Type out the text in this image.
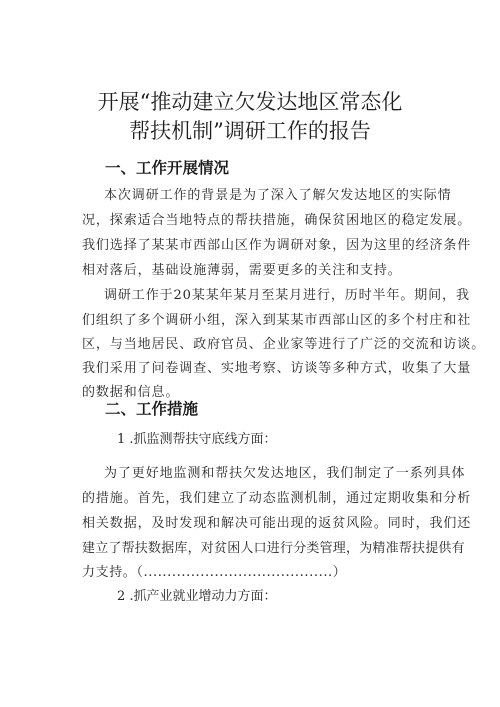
开展“推动建立欠发达地区常态化
帮扶机制”调研工作的报告
一、工作开展情况
本次调研工作的背景是为了深入了解欠发达地区的实际情
况，探索适合当地特点的帮扶措施，确保贫困地区的稳定发展。
我们选择了某某市西部山区作为调研对象，因为这里的经济条件
相对落后，基础设施薄弱，需要更多的关注和支持。
调研工作于20某某年某月至某月进行，历时半年。期间，我
们组织了多个调研小组，深入到某某市西部山区的多个村庄和社
区，与当地居民、政府官员、企业家等进行了广泛的交流和访谈。
我们采用了问卷调查、实地考察、访谈等多种方式，收集了大量
的数据和信息。
二、工作措施
1 .抓监测帮扶守底线方面：
为了更好地监测和帮扶欠发达地区，我们制定了一系列具体
的措施。首先，我们建立了动态监测机制，通过定期收集和分析
相关数据，及时发现和解决可能出现的返贫风险。同时，我们还
建立了帮扶数据库，对贫困人口进行分类管理，为精准帮扶提供有
力支持。（........................................）
2 .抓产业就业增动力方面：
